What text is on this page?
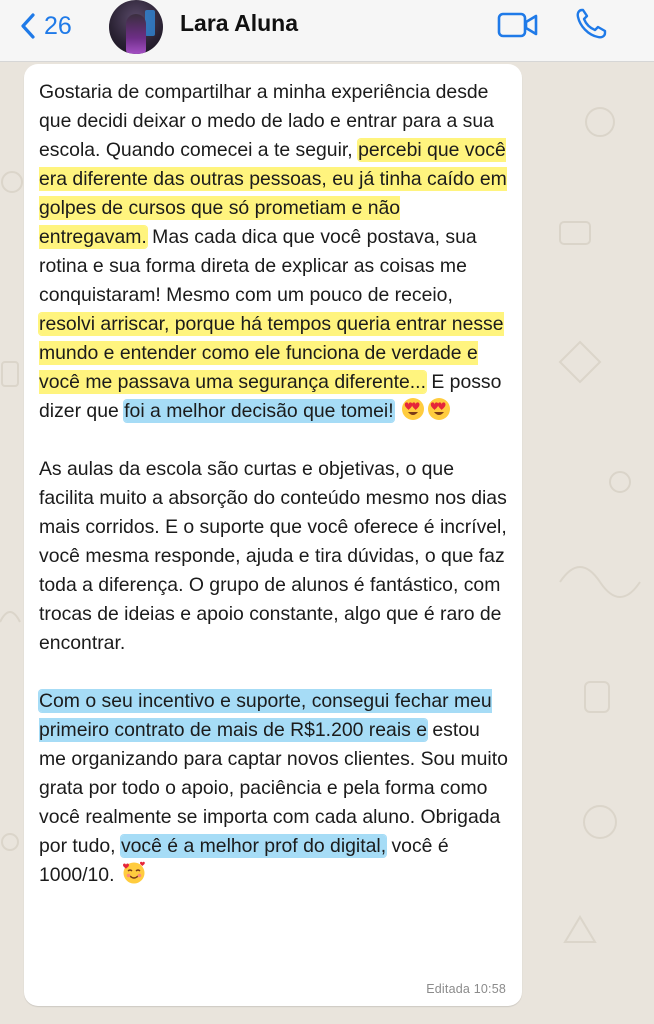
26	Lara Aluna

Gostaria de compartilhar a minha experiência desde que decidi deixar o medo de lado e entrar para a sua escola. Quando comecei a te seguir, percebi que você era diferente das outras pessoas, eu já tinha caído em golpes de cursos que só prometiam e não entregavam. Mas cada dica que você postava, sua rotina e sua forma direta de explicar as coisas me conquistaram! Mesmo com um pouco de receio, resolvi arriscar, porque há tempos queria entrar nesse mundo e entender como ele funciona de verdade e você me passava uma segurança diferente... E posso dizer que foi a melhor decisão que tomei!

As aulas da escola são curtas e objetivas, o que facilita muito a absorção do conteúdo mesmo nos dias mais corridos. E o suporte que você oferece é incrível, você mesma responde, ajuda e tira dúvidas, o que faz toda a diferença. O grupo de alunos é fantástico, com trocas de ideias e apoio constante, algo que é raro de encontrar.

Com o seu incentivo e suporte, consegui fechar meu primeiro contrato de mais de R$1.200 reais e estou me organizando para captar novos clientes. Sou muito grata por todo o apoio, paciência e pela forma como você realmente se importa com cada aluno. Obrigada por tudo, você é a melhor prof do digital, você é 1000/10.

Editada 10:58
